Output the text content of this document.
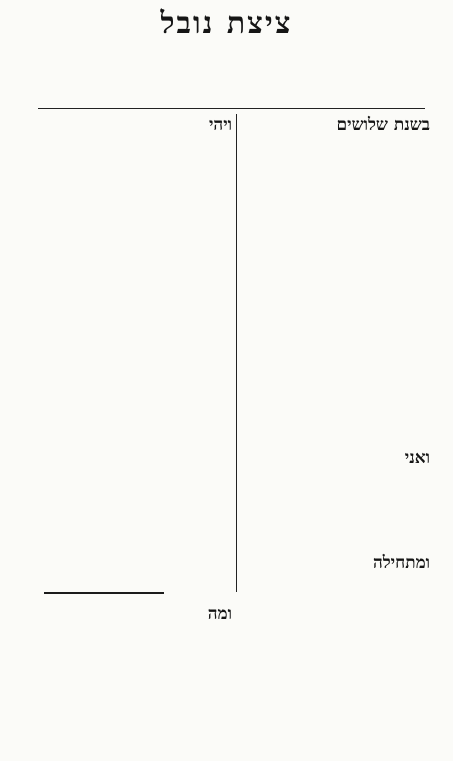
ציצת נובל
בשנת שלושים
ואני
ומתחילה
ויהי
ומה
